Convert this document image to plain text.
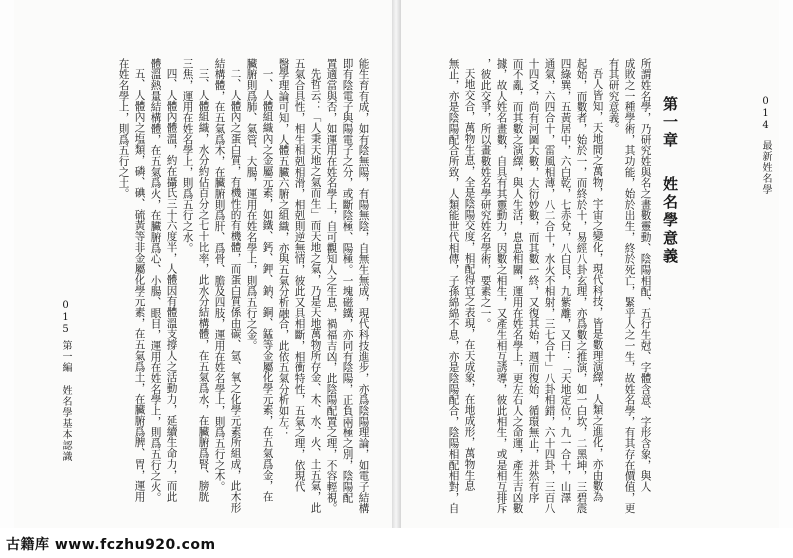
014
最新姓名學
第一章
姓名學意義
所謂姓名學，乃研究姓與名之畫數靈動、陰陽相配、五行生尅、字體含意、字形含象，與人
成敗之一種學術，其功能，始於出生，終於死亡，緊乎人之一生，故姓名學，有其存在價值，更
有其研究意義。
吾人皆知，天地間之萬物，宇宙之變化，現代科技，皆是數理演繹，人類之進化，亦由數為
起始，而數者，始於一，而終於十，易經八卦玄理，亦爲數之推演，如一白坎，二黑坤，三碧震
四綠巽，五黃居中，六白乾，七赤兌，八白艮，九紫離，又曰：「天地定位，九一合十，山澤
通氣，六四合十，雷風相薄，八二合十，水火不相射，三七合十」八卦相錯，六十四卦，三百八
十四爻，尚有河圖大數，大衍妙數，而其數一終，又復其始，週而復始，循環無止，并然有序
而不亂，而其數之演繹，與人生活，息息相關，運用在姓名學上，更左右人之命運，產生吉凶數
據，故人姓名畫數，自具有其靈動力，因數之相生，又產生相互誘導，彼此相生，或是相互排斥
，彼此交爭，所以畫數姓名學研究姓名學術，要素之一。
天地交合，萬物生息，全是陰陽交度，相配得宜之表現，在天成象，在地成形，萬物生息
無止，亦是陰陽配合所致，人類能世代相傳，子孫綿綿不息，亦是陰陽配合，陰陽相配相對，自
能生育有成，如有陰無陽，有陽無陰，自無生無成，現代科技進步，亦爲陰陽理論，如電子結構
即有陰電子與陽電子之分，或斷陰極、陽極。一塊磁鐵，亦同有陰陽，正負兩極之別，陰陽配
置適當與否，如運用在姓名學上，自可觀知人之生息，禍福吉凶，此陰陽配置之理，不容輕視。
先哲云：「人秉天地之氣而生」而天地之氣，乃是天地萬物所存金、木、水、火、土五氣，此
五氣合具性，相生相剋相滑，相剋則逆無情，彼此又具相斷，相衝特性，五氣之理，依現代
醫學理論可知，人體五臟六腑之組織，亦與五氣分析融合，此依五氣分析如左：
一、人體組織內之金屬元素，如鐵、鈣、鉀、鈉、銅、錳等金屬化學元素，在五氣爲金，在
臟腑則爲肺、氣管、大腸，運用在姓名學上，則爲五行之金。
二、人體內之蛋白質，有機性的有機體，而蛋白質係由碳、氫、氧之化學元素所組成，此木形
結構體，在五氣爲木，在臟腑則爲肝、爲骨、膽及四肢，運用在姓名學上，則爲五行之木。
三、人體組織，水分約佔百分之七十比率，此水分結構體，在五氣爲水，在臟腑爲腎、膀胱
三焦，運用在姓名學上，則爲五行之水。
四、人體內體溫，約在攝氏三十六度半，人體因有體溫支撐人之活動力，延續生命力，而此
體溫熱量結構體，在五氣爲火，在臟腑爲心、小腸、眼目，運用在姓名學上，則爲五行之火。
五、人體內之塩類，磷、碘、硫黃等非金屬化學元素，在五氣爲土，在臟腑爲脾、胃，運用
在姓名學上，則爲五行之土。
015
第一編 姓名學基本認識
古籍库 www.fczhu920.com
